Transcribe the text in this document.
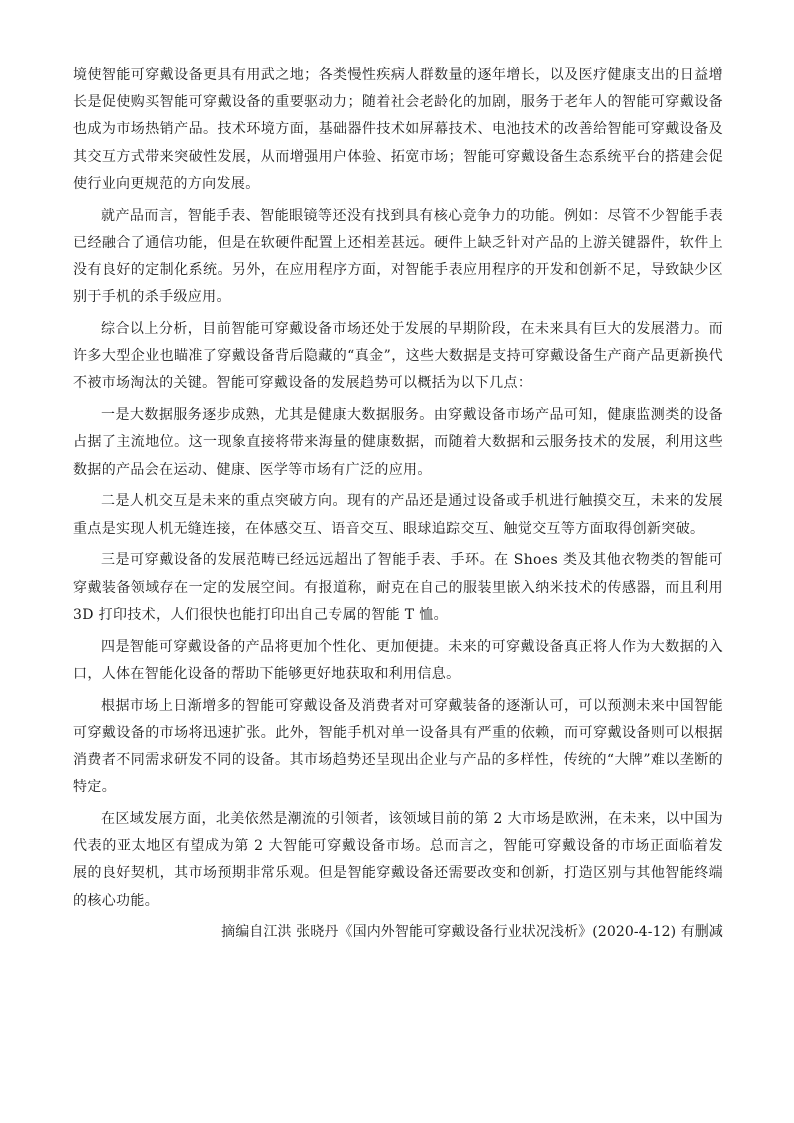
境使智能可穿戴设备更具有用武之地；各类慢性疾病人群数量的逐年增长，以及医疗健康支出的日益增长是促使购买智能可穿戴设备的重要驱动力；随着社会老龄化的加剧，服务于老年人的智能可穿戴设备也成为市场热销产品。技术环境方面，基础器件技术如屏幕技术、电池技术的改善给智能可穿戴设备及其交互方式带来突破性发展，从而增强用户体验、拓宽市场；智能可穿戴设备生态系统平台的搭建会促使行业向更规范的方向发展。

就产品而言，智能手表、智能眼镜等还没有找到具有核心竞争力的功能。例如：尽管不少智能手表已经融合了通信功能，但是在软硬件配置上还相差甚远。硬件上缺乏针对产品的上游关键器件，软件上没有良好的定制化系统。另外，在应用程序方面，对智能手表应用程序的开发和创新不足，导致缺少区别于手机的杀手级应用。

综合以上分析，目前智能可穿戴设备市场还处于发展的早期阶段，在未来具有巨大的发展潜力。而许多大型企业也瞄准了穿戴设备背后隐藏的“真金”，这些大数据是支持可穿戴设备生产商产品更新换代不被市场淘汰的关键。智能可穿戴设备的发展趋势可以概括为以下几点：

一是大数据服务逐步成熟，尤其是健康大数据服务。由穿戴设备市场产品可知，健康监测类的设备占据了主流地位。这一现象直接将带来海量的健康数据，而随着大数据和云服务技术的发展，利用这些数据的产品会在运动、健康、医学等市场有广泛的应用。

二是人机交互是未来的重点突破方向。现有的产品还是通过设备或手机进行触摸交互，未来的发展重点是实现人机无缝连接，在体感交互、语音交互、眼球追踪交互、触觉交互等方面取得创新突破。

三是可穿戴设备的发展范畴已经远远超出了智能手表、手环。在 Shoes 类及其他衣物类的智能可穿戴装备领域存在一定的发展空间。有报道称，耐克在自己的服装里嵌入纳米技术的传感器，而且利用 3D 打印技术，人们很快也能打印出自己专属的智能 T 恤。

四是智能可穿戴设备的产品将更加个性化、更加便捷。未来的可穿戴设备真正将人作为大数据的入口，人体在智能化设备的帮助下能够更好地获取和利用信息。

根据市场上日渐增多的智能可穿戴设备及消费者对可穿戴装备的逐渐认可，可以预测未来中国智能可穿戴设备的市场将迅速扩张。此外，智能手机对单一设备具有严重的依赖，而可穿戴设备则可以根据消费者不同需求研发不同的设备。其市场趋势还呈现出企业与产品的多样性，传统的“大牌”难以垄断的特定。

在区域发展方面，北美依然是潮流的引领者，该领域目前的第 2 大市场是欧洲，在未来，以中国为代表的亚太地区有望成为第 2 大智能可穿戴设备市场。总而言之，智能可穿戴设备的市场正面临着发展的良好契机，其市场预期非常乐观。但是智能穿戴设备还需要改变和创新，打造区别与其他智能终端的核心功能。

摘编自江洪 张晓丹《国内外智能可穿戴设备行业状况浅析》(2020-4-12) 有删减
